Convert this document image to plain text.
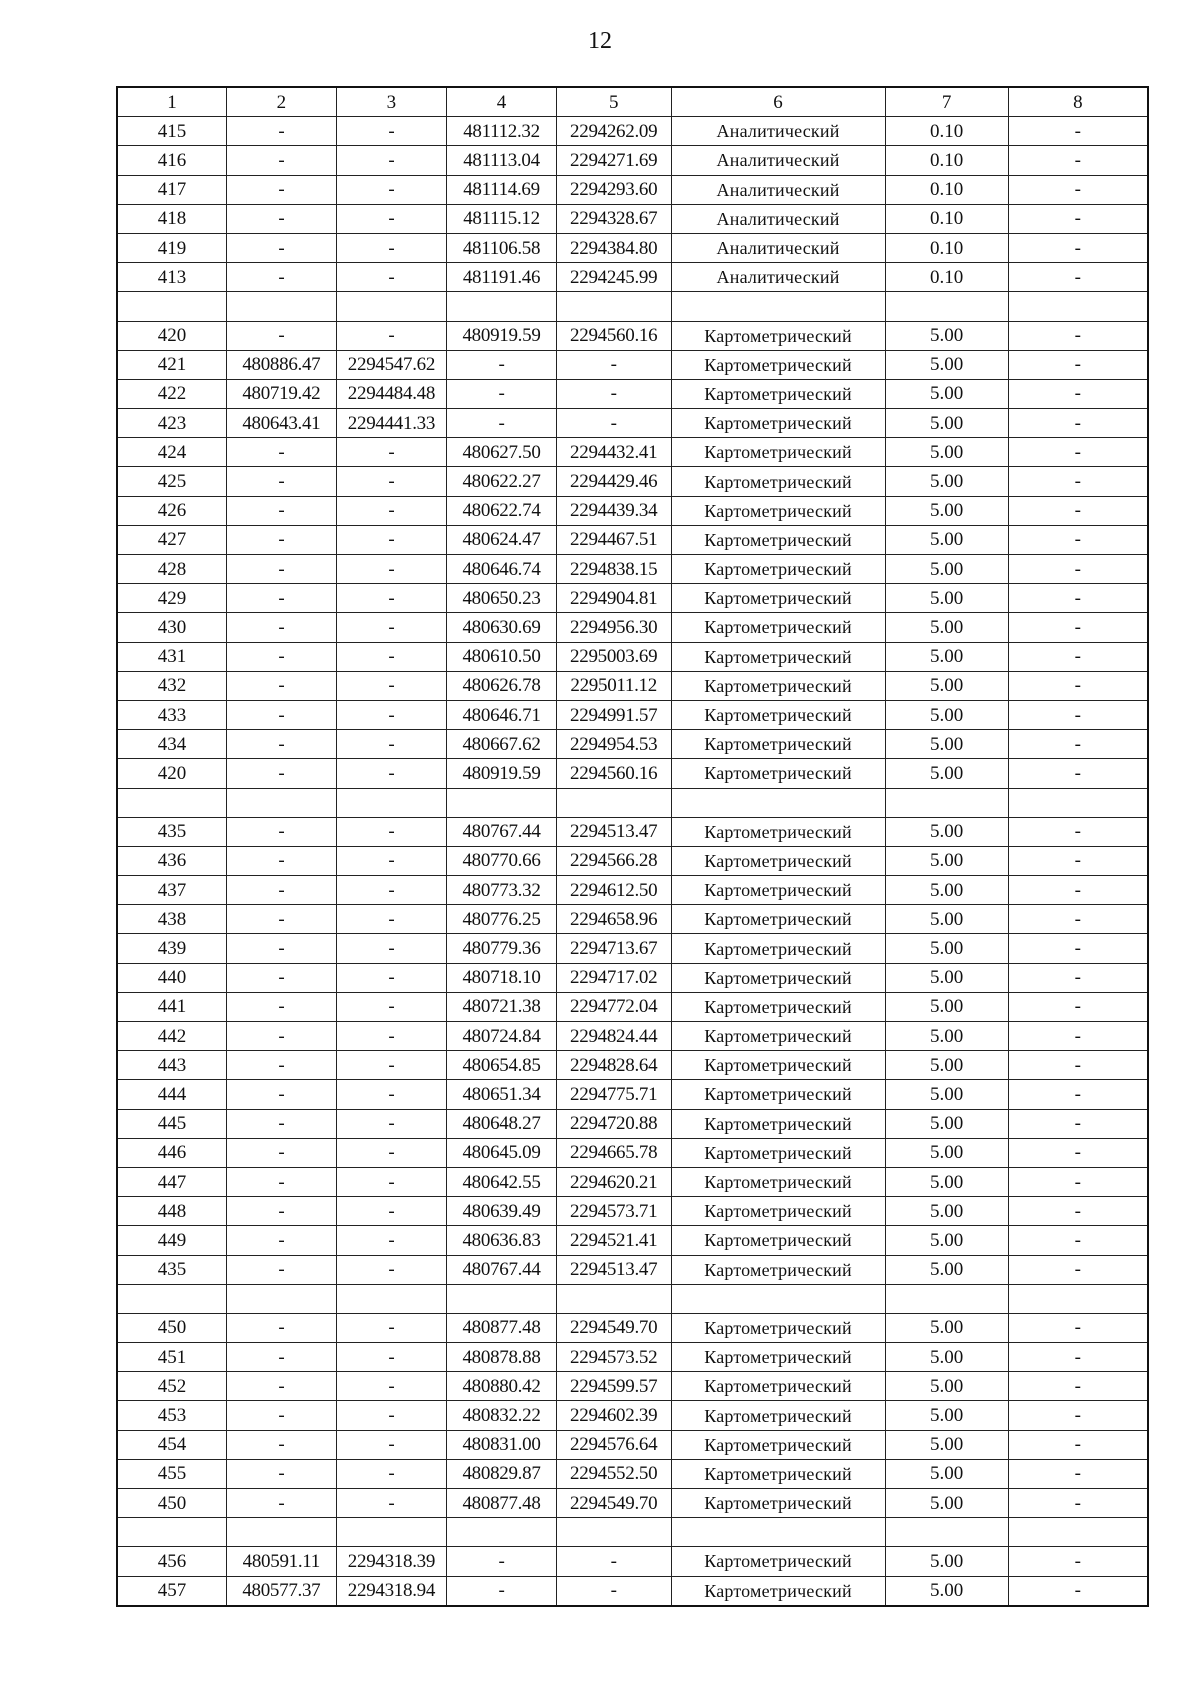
12
1	2	3	4	5	6	7	8
415	-	-	481112.32	2294262.09	Аналитический	0.10	-
416	-	-	481113.04	2294271.69	Аналитический	0.10	-
417	-	-	481114.69	2294293.60	Аналитический	0.10	-
418	-	-	481115.12	2294328.67	Аналитический	0.10	-
419	-	-	481106.58	2294384.80	Аналитический	0.10	-
413	-	-	481191.46	2294245.99	Аналитический	0.10	-

420	-	-	480919.59	2294560.16	Картометрический	5.00	-
421	480886.47	2294547.62	-	-	Картометрический	5.00	-
422	480719.42	2294484.48	-	-	Картометрический	5.00	-
423	480643.41	2294441.33	-	-	Картометрический	5.00	-
424	-	-	480627.50	2294432.41	Картометрический	5.00	-
425	-	-	480622.27	2294429.46	Картометрический	5.00	-
426	-	-	480622.74	2294439.34	Картометрический	5.00	-
427	-	-	480624.47	2294467.51	Картометрический	5.00	-
428	-	-	480646.74	2294838.15	Картометрический	5.00	-
429	-	-	480650.23	2294904.81	Картометрический	5.00	-
430	-	-	480630.69	2294956.30	Картометрический	5.00	-
431	-	-	480610.50	2295003.69	Картометрический	5.00	-
432	-	-	480626.78	2295011.12	Картометрический	5.00	-
433	-	-	480646.71	2294991.57	Картометрический	5.00	-
434	-	-	480667.62	2294954.53	Картометрический	5.00	-
420	-	-	480919.59	2294560.16	Картометрический	5.00	-

435	-	-	480767.44	2294513.47	Картометрический	5.00	-
436	-	-	480770.66	2294566.28	Картометрический	5.00	-
437	-	-	480773.32	2294612.50	Картометрический	5.00	-
438	-	-	480776.25	2294658.96	Картометрический	5.00	-
439	-	-	480779.36	2294713.67	Картометрический	5.00	-
440	-	-	480718.10	2294717.02	Картометрический	5.00	-
441	-	-	480721.38	2294772.04	Картометрический	5.00	-
442	-	-	480724.84	2294824.44	Картометрический	5.00	-
443	-	-	480654.85	2294828.64	Картометрический	5.00	-
444	-	-	480651.34	2294775.71	Картометрический	5.00	-
445	-	-	480648.27	2294720.88	Картометрический	5.00	-
446	-	-	480645.09	2294665.78	Картометрический	5.00	-
447	-	-	480642.55	2294620.21	Картометрический	5.00	-
448	-	-	480639.49	2294573.71	Картометрический	5.00	-
449	-	-	480636.83	2294521.41	Картометрический	5.00	-
435	-	-	480767.44	2294513.47	Картометрический	5.00	-

450	-	-	480877.48	2294549.70	Картометрический	5.00	-
451	-	-	480878.88	2294573.52	Картометрический	5.00	-
452	-	-	480880.42	2294599.57	Картометрический	5.00	-
453	-	-	480832.22	2294602.39	Картометрический	5.00	-
454	-	-	480831.00	2294576.64	Картометрический	5.00	-
455	-	-	480829.87	2294552.50	Картометрический	5.00	-
450	-	-	480877.48	2294549.70	Картометрический	5.00	-

456	480591.11	2294318.39	-	-	Картометрический	5.00	-
457	480577.37	2294318.94	-	-	Картометрический	5.00	-
